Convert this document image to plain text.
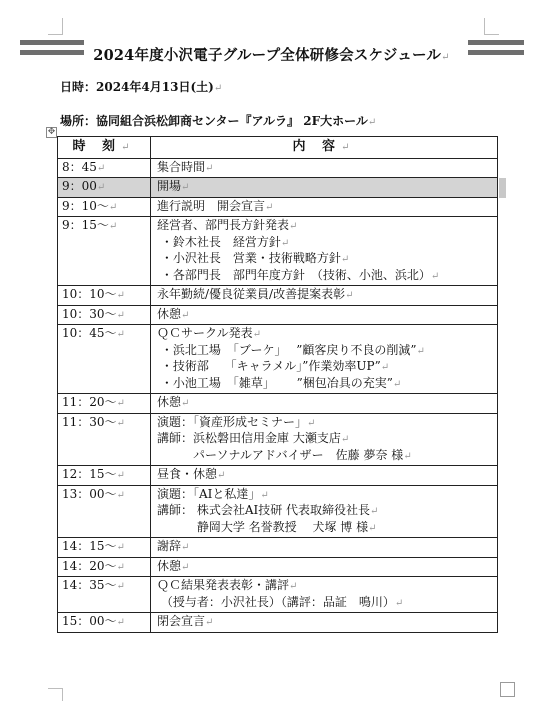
2024年度小沢電子グループ全体研修会スケジュール↵
日時：2024年4月13日(土)↵
場所：協同組合浜松卸商センター『アルラ』 2F大ホール↵
✥
時 刻↵	内 容↵
8：45↵	集合時間↵

9：00↵	開場↵

9：10〜↵	進行説明　開会宣言↵

9：15〜↵	経営者、部門長方針発表↵
・鈴木社長　経営方針↵
・小沢社長　営業・技術戦略方針↵
・各部門長　部門年度方針　（技術、小池、浜北）↵

10：10〜↵	永年勤続/優良従業員/改善提案表彰↵

10：30〜↵	休憩↵

10：45〜↵	ＱＣサークル発表↵
・浜北工場　「ブーケ」　 ”顧客戻り不良の削減”↵
・技術部　 「キャラメル」”作業効率UP”↵
・小池工場　「雑草」　　 ”梱包冶具の充実”↵

11：20〜↵	休憩↵

11：30〜↵	演題：「資産形成セミナー」↵
講師：浜松磐田信用金庫 大瀬支店↵
　　　パーソナルアドバイザー　佐藤 夢奈 様↵

12：15〜↵	昼食・休憩↵

13：00〜↵	演題：「AIと私達」↵
講師： 株式会社AI技研 代表取締役社長↵
　　　 静岡大学 名誉教授　 犬塚 博 様↵

14：15〜↵	謝辞↵

14：20〜↵	休憩↵

14：35〜↵	ＱＣ結果発表表彰・講評↵
（授与者：小沢社長）（講評：品証　鳴川）↵

15：00〜↵	閉会宣言↵
